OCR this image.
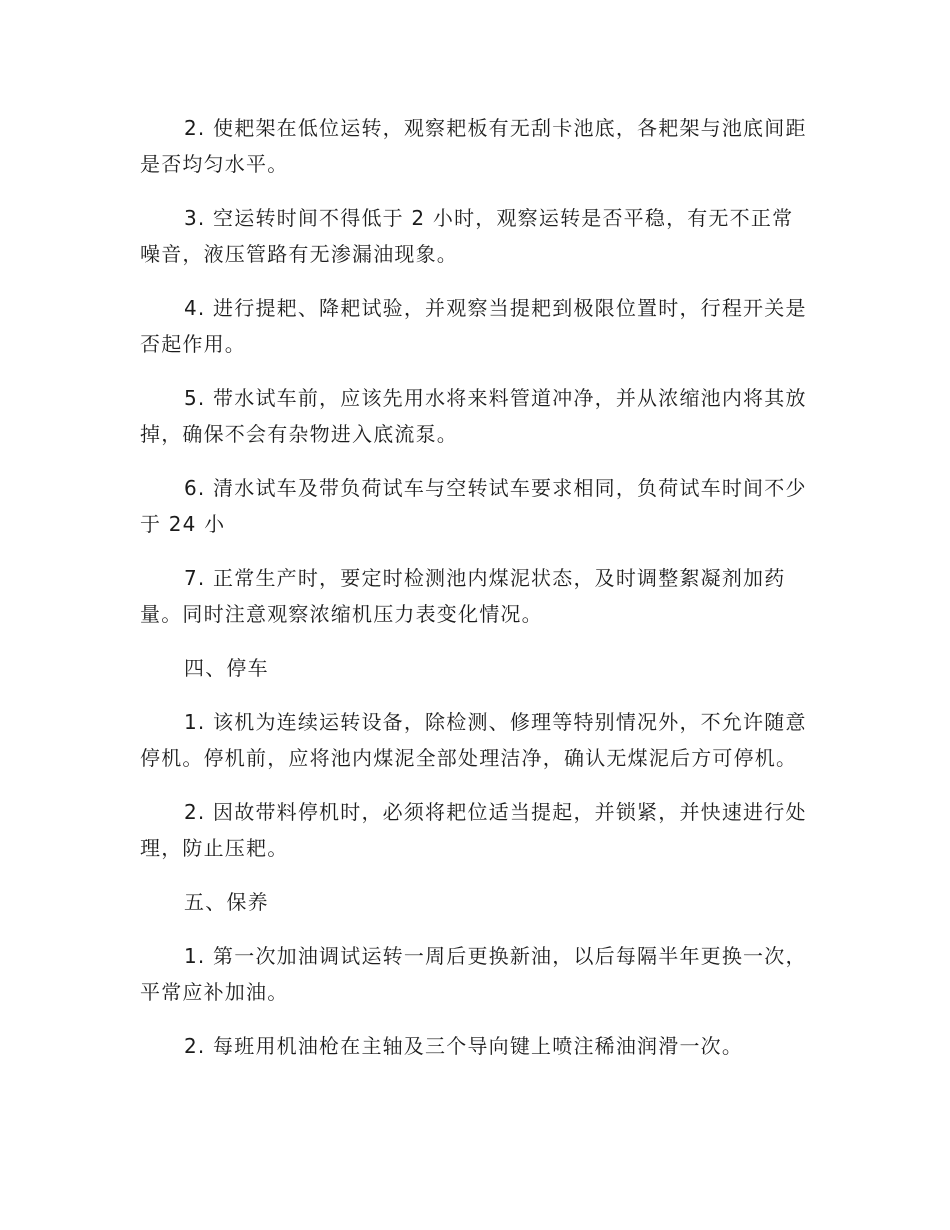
2. 使耙架在低位运转，观察耙板有无刮卡池底，各耙架与池底间距是否均匀水平。

3. 空运转时间不得低于 2 小时，观察运转是否平稳，有无不正常噪音，液压管路有无渗漏油现象。

4. 进行提耙、降耙试验，并观察当提耙到极限位置时，行程开关是否起作用。

5. 带水试车前，应该先用水将来料管道冲净，并从浓缩池内将其放掉，确保不会有杂物进入底流泵。

6. 清水试车及带负荷试车与空转试车要求相同，负荷试车时间不少于 24 小

7. 正常生产时，要定时检测池内煤泥状态，及时调整絮凝剂加药量。同时注意观察浓缩机压力表变化情况。

四、停车

1. 该机为连续运转设备，除检测、修理等特别情况外，不允许随意停机。停机前，应将池内煤泥全部处理洁净，确认无煤泥后方可停机。

2. 因故带料停机时，必须将耙位适当提起，并锁紧，并快速进行处理，防止压耙。

五、保养

1. 第一次加油调试运转一周后更换新油，以后每隔半年更换一次，平常应补加油。

2. 每班用机油枪在主轴及三个导向键上喷注稀油润滑一次。
